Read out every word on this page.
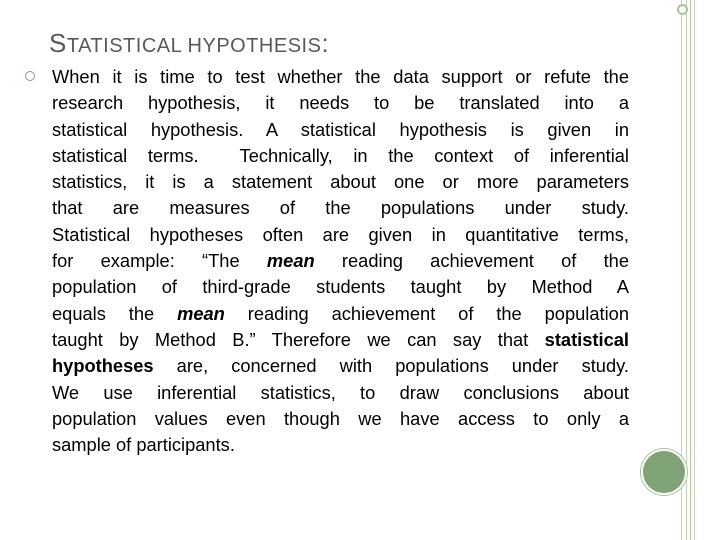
STATISTICAL HYPOTHESIS:
When it is time to test whether the data support or refute the
research hypothesis, it needs to be translated into a
statistical hypothesis. A statistical hypothesis is given in
statistical terms.  Technically, in the context of inferential
statistics, it is a statement about one or more parameters
that are measures of the populations under study.
Statistical hypotheses often are given in quantitative terms,
for example: “The mean reading achievement of the
population of third-grade students taught by Method A
equals the mean reading achievement of the population
taught by Method B.” Therefore we can say that statistical
hypotheses are, concerned with populations under study.
We use inferential statistics, to draw conclusions about
population values even though we have access to only a
sample of participants.
